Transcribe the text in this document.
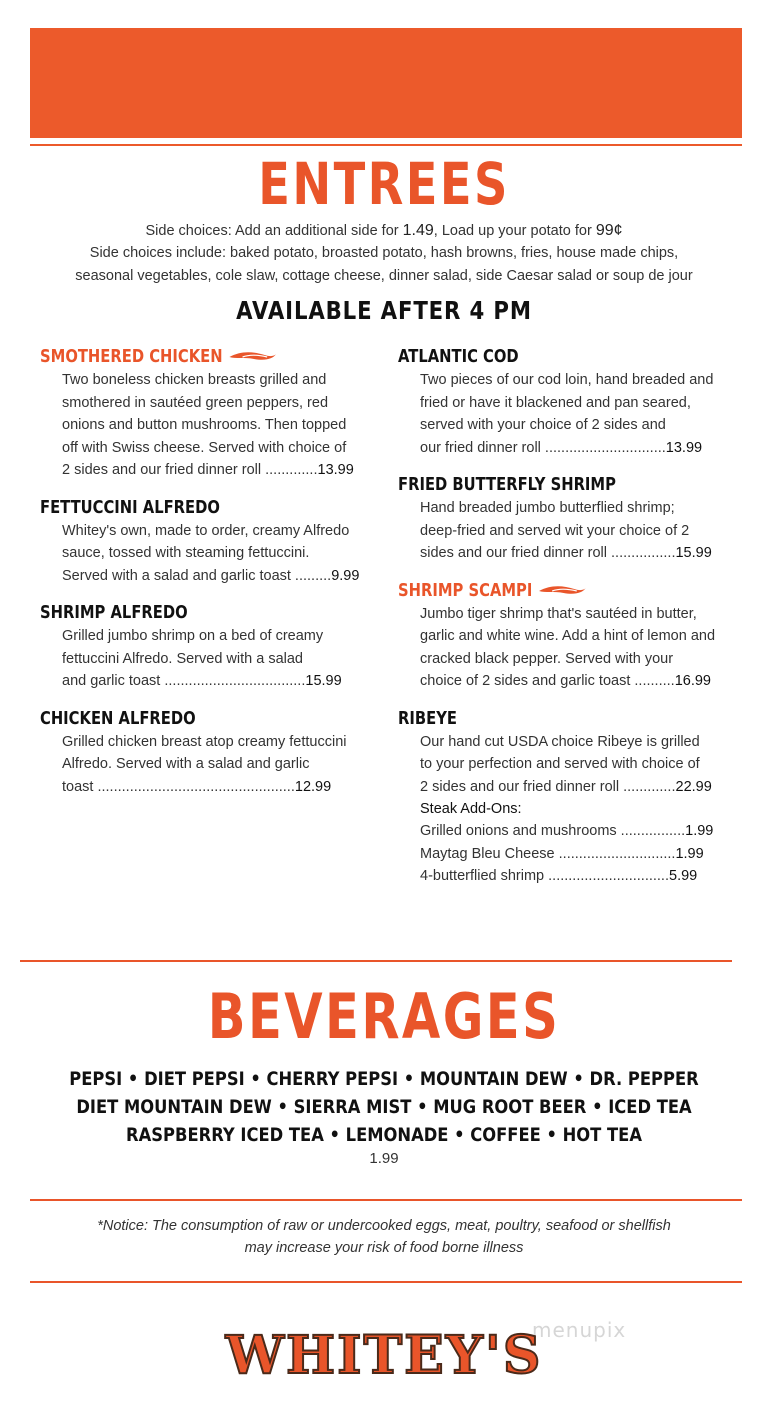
ENTREES
Side choices: Add an additional side for 1.49, Load up your potato for 99¢
Side choices include: baked potato, broasted potato, hash browns, fries, house made chips,
seasonal vegetables, cole slaw, cottage cheese, dinner salad, side Caesar salad or soup de jour
AVAILABLE AFTER 4 PM
SMOTHERED CHICKEN
Two boneless chicken breasts grilled and
smothered in sautéed green peppers, red
onions and button mushrooms. Then topped
off with Swiss cheese. Served with choice of
2 sides and our fried dinner roll .............13.99
FETTUCCINI ALFREDO
Whitey's own, made to order, creamy Alfredo
sauce, tossed with steaming fettuccini.
Served with a salad and garlic toast .........9.99
SHRIMP ALFREDO
Grilled jumbo shrimp on a bed of creamy
fettuccini Alfredo. Served with a salad
and garlic toast ...................................15.99
CHICKEN ALFREDO
Grilled chicken breast atop creamy fettuccini
Alfredo. Served with a salad and garlic
toast .................................................12.99
ATLANTIC COD
Two pieces of our cod loin, hand breaded and
fried or have it blackened and pan seared,
served with your choice of 2 sides and
our fried dinner roll ..............................13.99
FRIED BUTTERFLY SHRIMP
Hand breaded jumbo butterflied shrimp;
deep-fried and served wit your choice of 2
sides and our fried dinner roll ................15.99
SHRIMP SCAMPI
Jumbo tiger shrimp that's sautéed in butter,
garlic and white wine. Add a hint of lemon and
cracked black pepper. Served with your
choice of 2 sides and garlic toast ..........16.99
RIBEYE
Our hand cut USDA choice Ribeye is grilled
to your perfection and served with choice of
2 sides and our fried dinner roll .............22.99
Steak Add-Ons:
Grilled onions and mushrooms ................1.99
Maytag Bleu Cheese .............................1.99
4-butterflied shrimp ..............................5.99
BEVERAGES
PEPSI • DIET PEPSI • CHERRY PEPSI • MOUNTAIN DEW • DR. PEPPER
DIET MOUNTAIN DEW • SIERRA MIST • MUG ROOT BEER • ICED TEA
RASPBERRY ICED TEA • LEMONADE • COFFEE • HOT TEA
1.99
*Notice: The consumption of raw or undercooked eggs, meat, poultry, seafood or shellfish
may increase your risk of food borne illness
menupix
WHITEY'S
